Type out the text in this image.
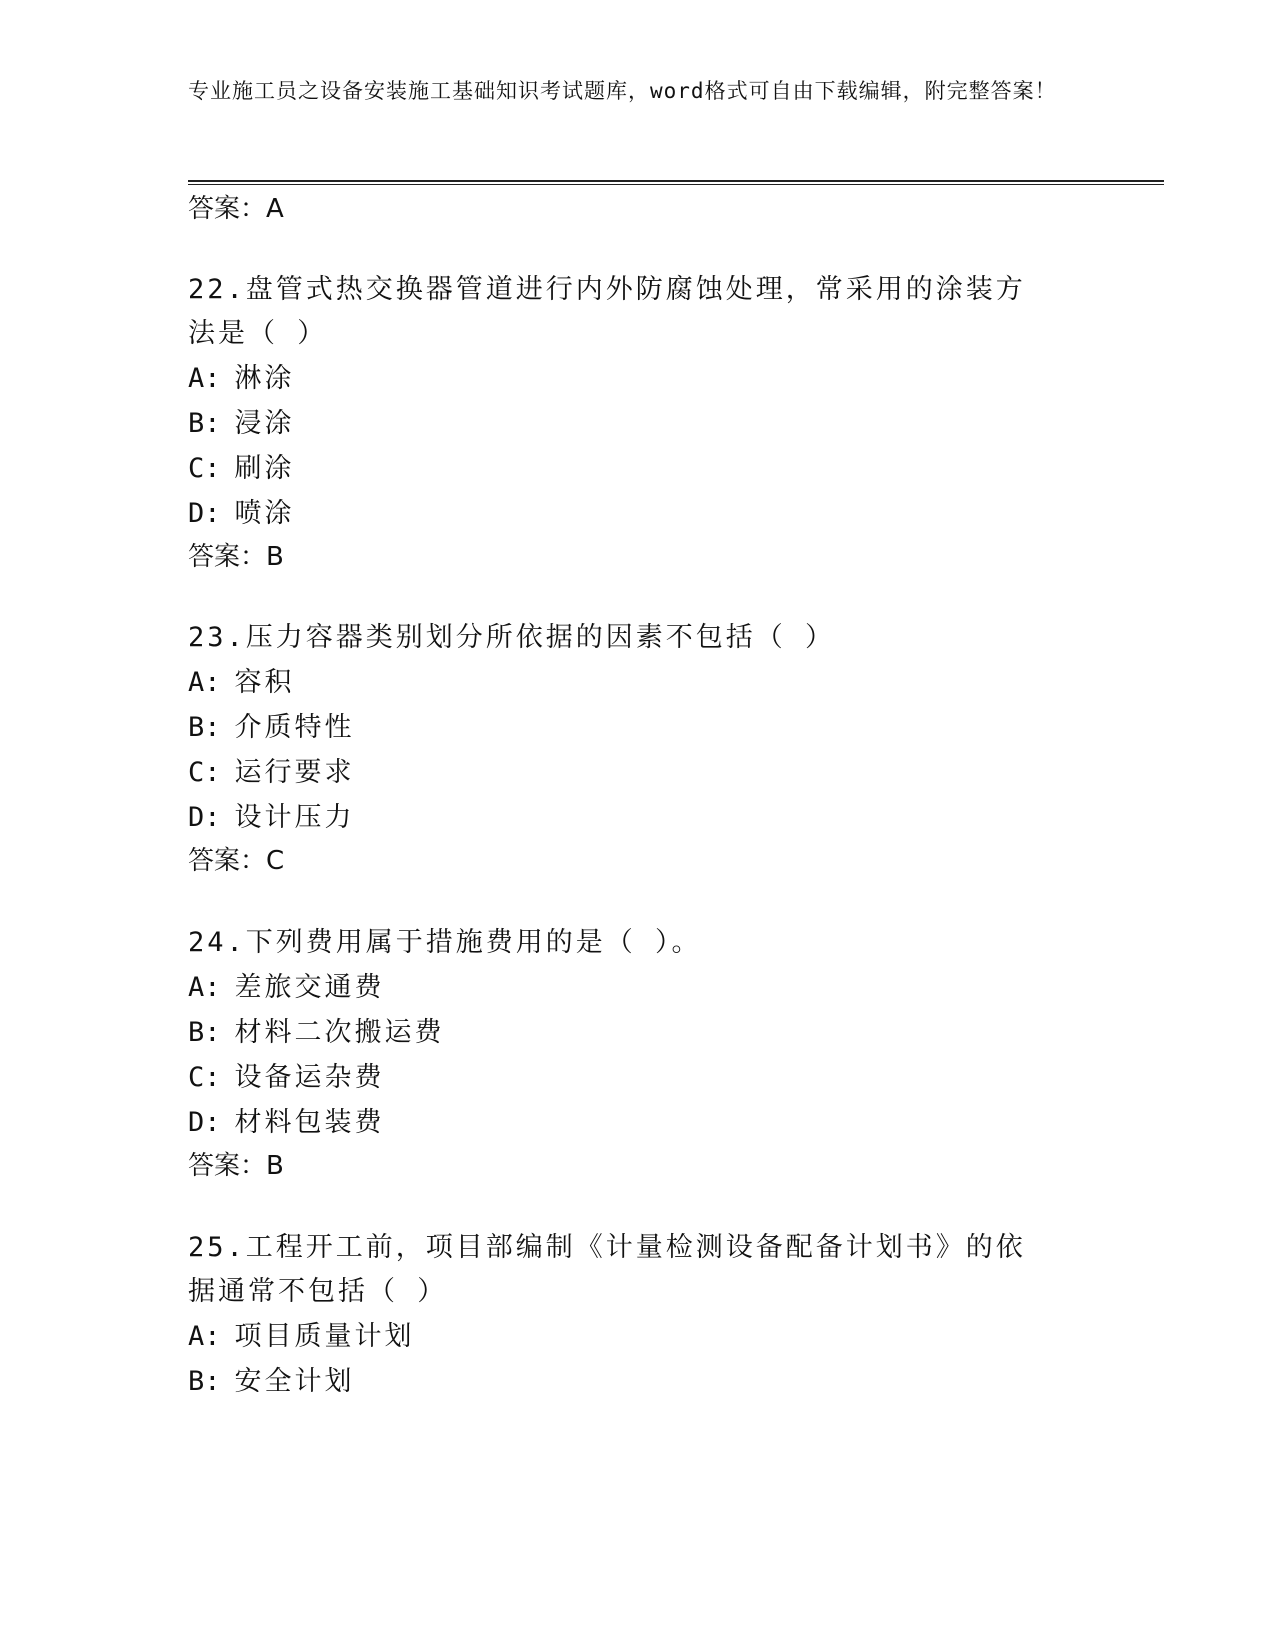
专业施工员之设备安装施工基础知识考试题库，word格式可自由下载编辑，附完整答案！
答案：A
22.盘管式热交换器管道进行内外防腐蚀处理，常采用的涂装方法是（ ）
A: 淋涂
B: 浸涂
C: 刷涂
D: 喷涂
答案：B
23.压力容器类别划分所依据的因素不包括（ ）
A: 容积
B: 介质特性
C: 运行要求
D: 设计压力
答案：C
24.下列费用属于措施费用的是（ ）。
A: 差旅交通费
B: 材料二次搬运费
C: 设备运杂费
D: 材料包装费
答案：B
25.工程开工前，项目部编制《计量检测设备配备计划书》的依据通常不包括（ ）
A: 项目质量计划
B: 安全计划
